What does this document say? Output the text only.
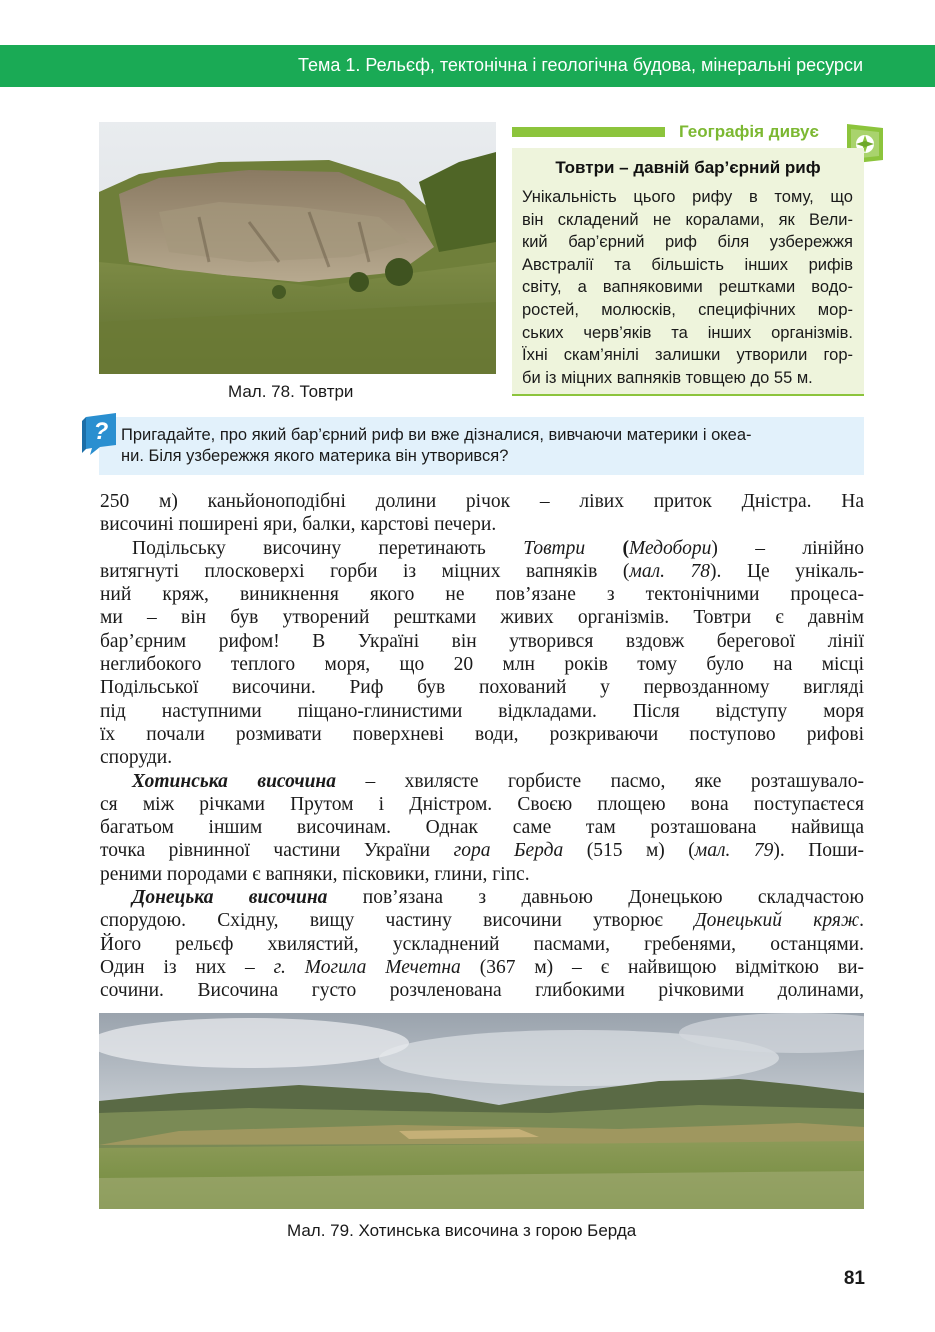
Тема 1. Рельєф, тектонічна і геологічна будова, мінеральні ресурси
Мал. 78. Товтри
Географія дивує
Товтри – давній бар’єрний риф
Унікальність цього рифу в тому, що
він складений не коралами, як Вели-
кий бар’єрний риф біля узбережжя
Австралії та більшість інших рифів
світу, а вапняковими рештками водо-
ростей, молюсків, специфічних мор-
ських черв’яків та інших організмів.
Їхні скам’янілі залишки утворили гор-
би із міцних вапняків товщею до 55 м.
Пригадайте, про який бар’єрний риф ви вже дізналися, вивчаючи материки і океа-
ни. Біля узбережжя якого материка він утворився?
?
250 м) каньйоноподібні долини річок – лівих приток Дністра. На
височині поширені яри, балки, карстові печери.
Подільську височину перетинають Товтри (Медобори) – лінійно
витягнуті плосковерхі горби із міцних вапняків (мал. 78). Це унікаль-
ний кряж, виникнення якого не пов’язане з тектонічними процеса-
ми – він був утворений рештками живих організмів. Товтри є давнім
бар’єрним рифом! В Україні він утворився вздовж берегової лінії
неглибокого теплого моря, що 20 млн років тому було на місці
Подільської височини. Риф був похований у первозданному вигляді
під наступними піщано-глинистими відкладами. Після відступу моря
їх почали розмивати поверхневі води, розкриваючи поступово рифові
споруди.
Хотинська височина – хвилясте горбисте пасмо, яке розташувало-
ся між річками Прутом і Дністром. Своєю площею вона поступаєтеся
багатьом іншим височинам. Однак саме там розташована найвища
точка рівнинної частини України гора Берда (515 м) (мал. 79). Поши-
реними породами є вапняки, пісковики, глини, гіпс.
Донецька височина пов’язана з давньою Донецькою складчастою
спорудою. Східну, вищу частину височини утворює Донецький кряж.
Його рельєф хвилястий, ускладнений пасмами, гребенями, останцями.
Один із них – г. Могила Мечетна (367 м) – є найвищою відміткою ви-
сочини. Височина густо розчленована глибокими річковими долинами,
Мал. 79. Хотинська височина з горою Берда
81
